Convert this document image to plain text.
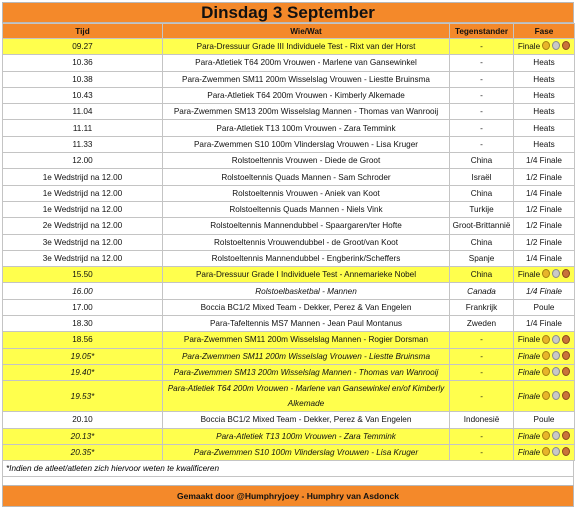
Dinsdag 3 September
Tijd	Wie/Wat	Tegenstander	Fase
09.27	Para-Dressuur Grade III Individuele Test - Rixt van der Horst	-	Finale
10.36	Para-Atletiek T64 200m Vrouwen - Marlene van Gansewinkel	-	Heats
10.38	Para-Zwemmen SM11 200m Wisselslag Vrouwen - Liestte Bruinsma	-	Heats
10.43	Para-Atletiek T64 200m Vrouwen - Kimberly Alkemade	-	Heats
11.04	Para-Zwemmen SM13 200m Wisselslag Mannen - Thomas van Wanrooij	-	Heats
11.11	Para-Atletiek T13 100m Vrouwen - Zara Temmink	-	Heats
11.33	Para-Zwemmen S10 100m Vlinderslag Vrouwen - Lisa Kruger	-	Heats
12.00	Rolstoeltennis Vrouwen - Diede de Groot	China	1/4 Finale
1e Wedstrijd na 12.00	Rolstoeltennis Quads Mannen - Sam Schroder	Israël	1/2 Finale
1e Wedstrijd na 12.00	Rolstoeltennis Vrouwen - Aniek van Koot	China	1/4 Finale
1e Wedstrijd na 12.00	Rolstoeltennis Quads Mannen - Niels Vink	Turkije	1/2 Finale
2e Wedstrijd na 12.00	Rolstoeltennis Mannendubbel - Spaargaren/ter Hofte	Groot-Brittannië	1/2 Finale
3e Wedstrijd na 12.00	Rolstoeltennis Vrouwendubbel - de Groot/van Koot	China	1/2 Finale
3e Wedstrijd na 12.00	Rolstoeltennis Mannendubbel - Engberink/Scheffers	Spanje	1/4 Finale
15.50	Para-Dressuur Grade I Individuele Test - Annemarieke Nobel	China	Finale
16.00	Rolstoelbasketbal - Mannen	Canada	1/4 Finale
17.00	Boccia BC1/2 Mixed Team - Dekker, Perez & Van Engelen	Frankrijk	Poule
18.30	Para-Tafeltennis MS7 Mannen - Jean Paul Montanus	Zweden	1/4 Finale
18.56	Para-Zwemmen SM11 200m Wisselslag Mannen - Rogier Dorsman	-	Finale
19.05*	Para-Zwemmen SM11 200m Wisselslag Vrouwen - Liestte Bruinsma	-	Finale
19.40*	Para-Zwemmen SM13 200m Wisselslag Mannen - Thomas van Wanrooij	-	Finale
19.53*	Para-Atletiek T64 200m Vrouwen - Marlene van Gansewinkel en/of Kimberly Alkemade	-	Finale
20.10	Boccia BC1/2 Mixed Team - Dekker, Perez & Van Engelen	Indonesië	Poule
20.13*	Para-Atletiek T13 100m Vrouwen - Zara Temmink	-	Finale
20.35*	Para-Zwemmen S10 100m Vlinderslag Vrouwen - Lisa Kruger	-	Finale
*Indien de atleet/atleten zich hiervoor weten te kwalificeren
Gemaakt door @Humphryjoey - Humphry van Asdonck
